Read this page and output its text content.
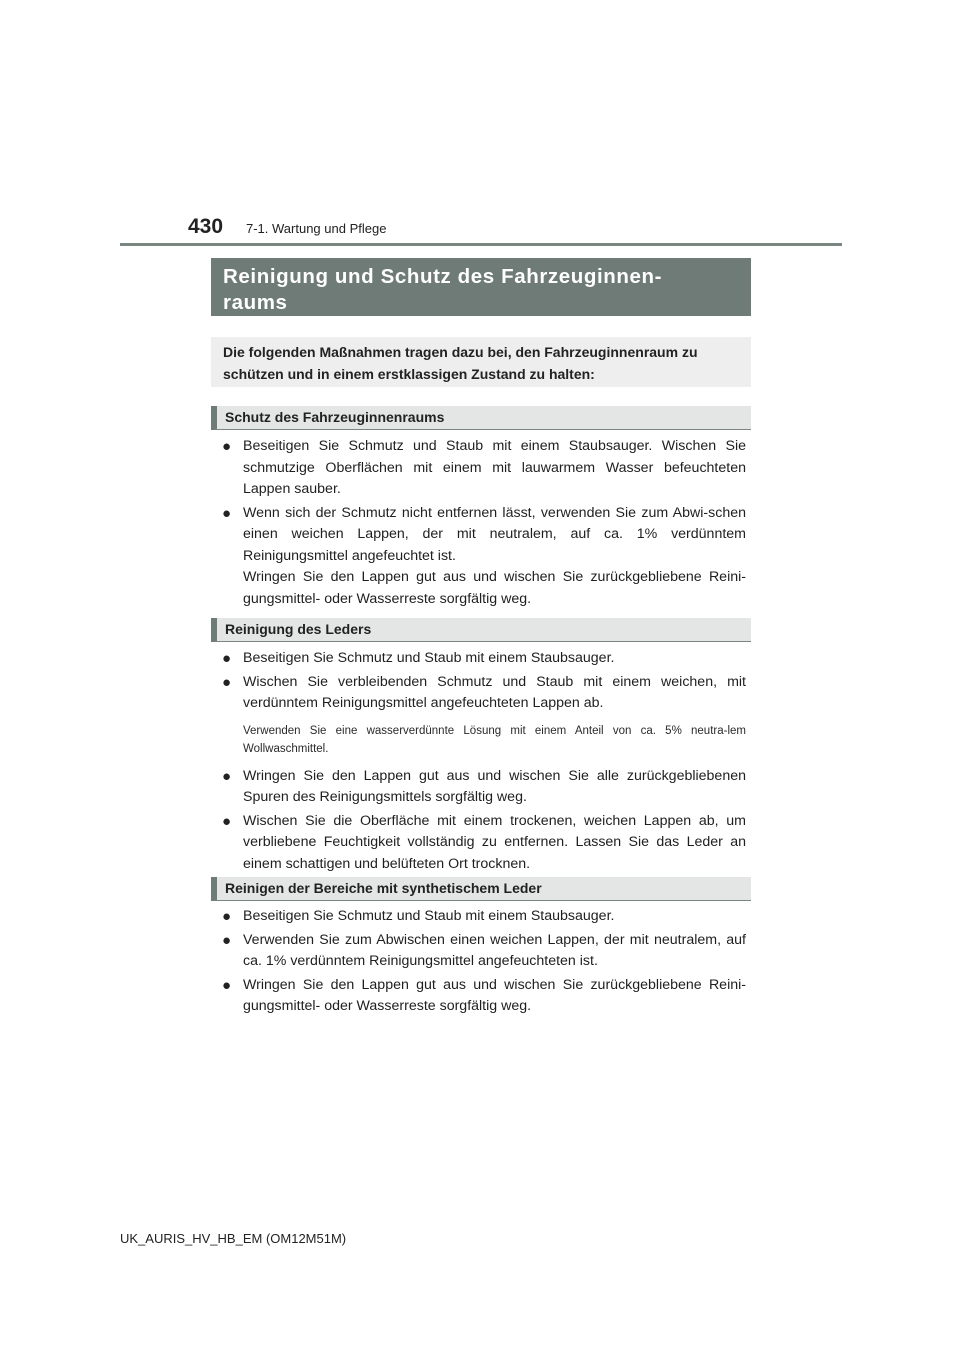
430 7-1. Wartung und Pflege
Reinigung und Schutz des Fahrzeuginnen-
raums
Die folgenden Maßnahmen tragen dazu bei, den Fahrzeuginnenraum zu schützen und in einem erstklassigen Zustand zu halten:
Schutz des Fahrzeuginnenraums
● Beseitigen Sie Schmutz und Staub mit einem Staubsauger. Wischen Sie schmutzige Oberflächen mit einem mit lauwarmem Wasser befeuchteten Lappen sauber.
● Wenn sich der Schmutz nicht entfernen lässt, verwenden Sie zum Abwi-schen einen weichen Lappen, der mit neutralem, auf ca. 1% verdünntem Reinigungsmittel angefeuchtet ist.
Wringen Sie den Lappen gut aus und wischen Sie zurückgebliebene Reini-gungsmittel- oder Wasserreste sorgfältig weg.
Reinigung des Leders
● Beseitigen Sie Schmutz und Staub mit einem Staubsauger.
● Wischen Sie verbleibenden Schmutz und Staub mit einem weichen, mit verdünntem Reinigungsmittel angefeuchteten Lappen ab.
Verwenden Sie eine wasserverdünnte Lösung mit einem Anteil von ca. 5% neutra-lem Wollwaschmittel.
● Wringen Sie den Lappen gut aus und wischen Sie alle zurückgebliebenen Spuren des Reinigungsmittels sorgfältig weg.
● Wischen Sie die Oberfläche mit einem trockenen, weichen Lappen ab, um verbliebene Feuchtigkeit vollständig zu entfernen. Lassen Sie das Leder an einem schattigen und belüfteten Ort trocknen.
Reinigen der Bereiche mit synthetischem Leder
● Beseitigen Sie Schmutz und Staub mit einem Staubsauger.
● Verwenden Sie zum Abwischen einen weichen Lappen, der mit neutralem, auf ca. 1% verdünntem Reinigungsmittel angefeuchteten ist.
● Wringen Sie den Lappen gut aus und wischen Sie zurückgebliebene Reini-gungsmittel- oder Wasserreste sorgfältig weg.
UK_AURIS_HV_HB_EM (OM12M51M)
